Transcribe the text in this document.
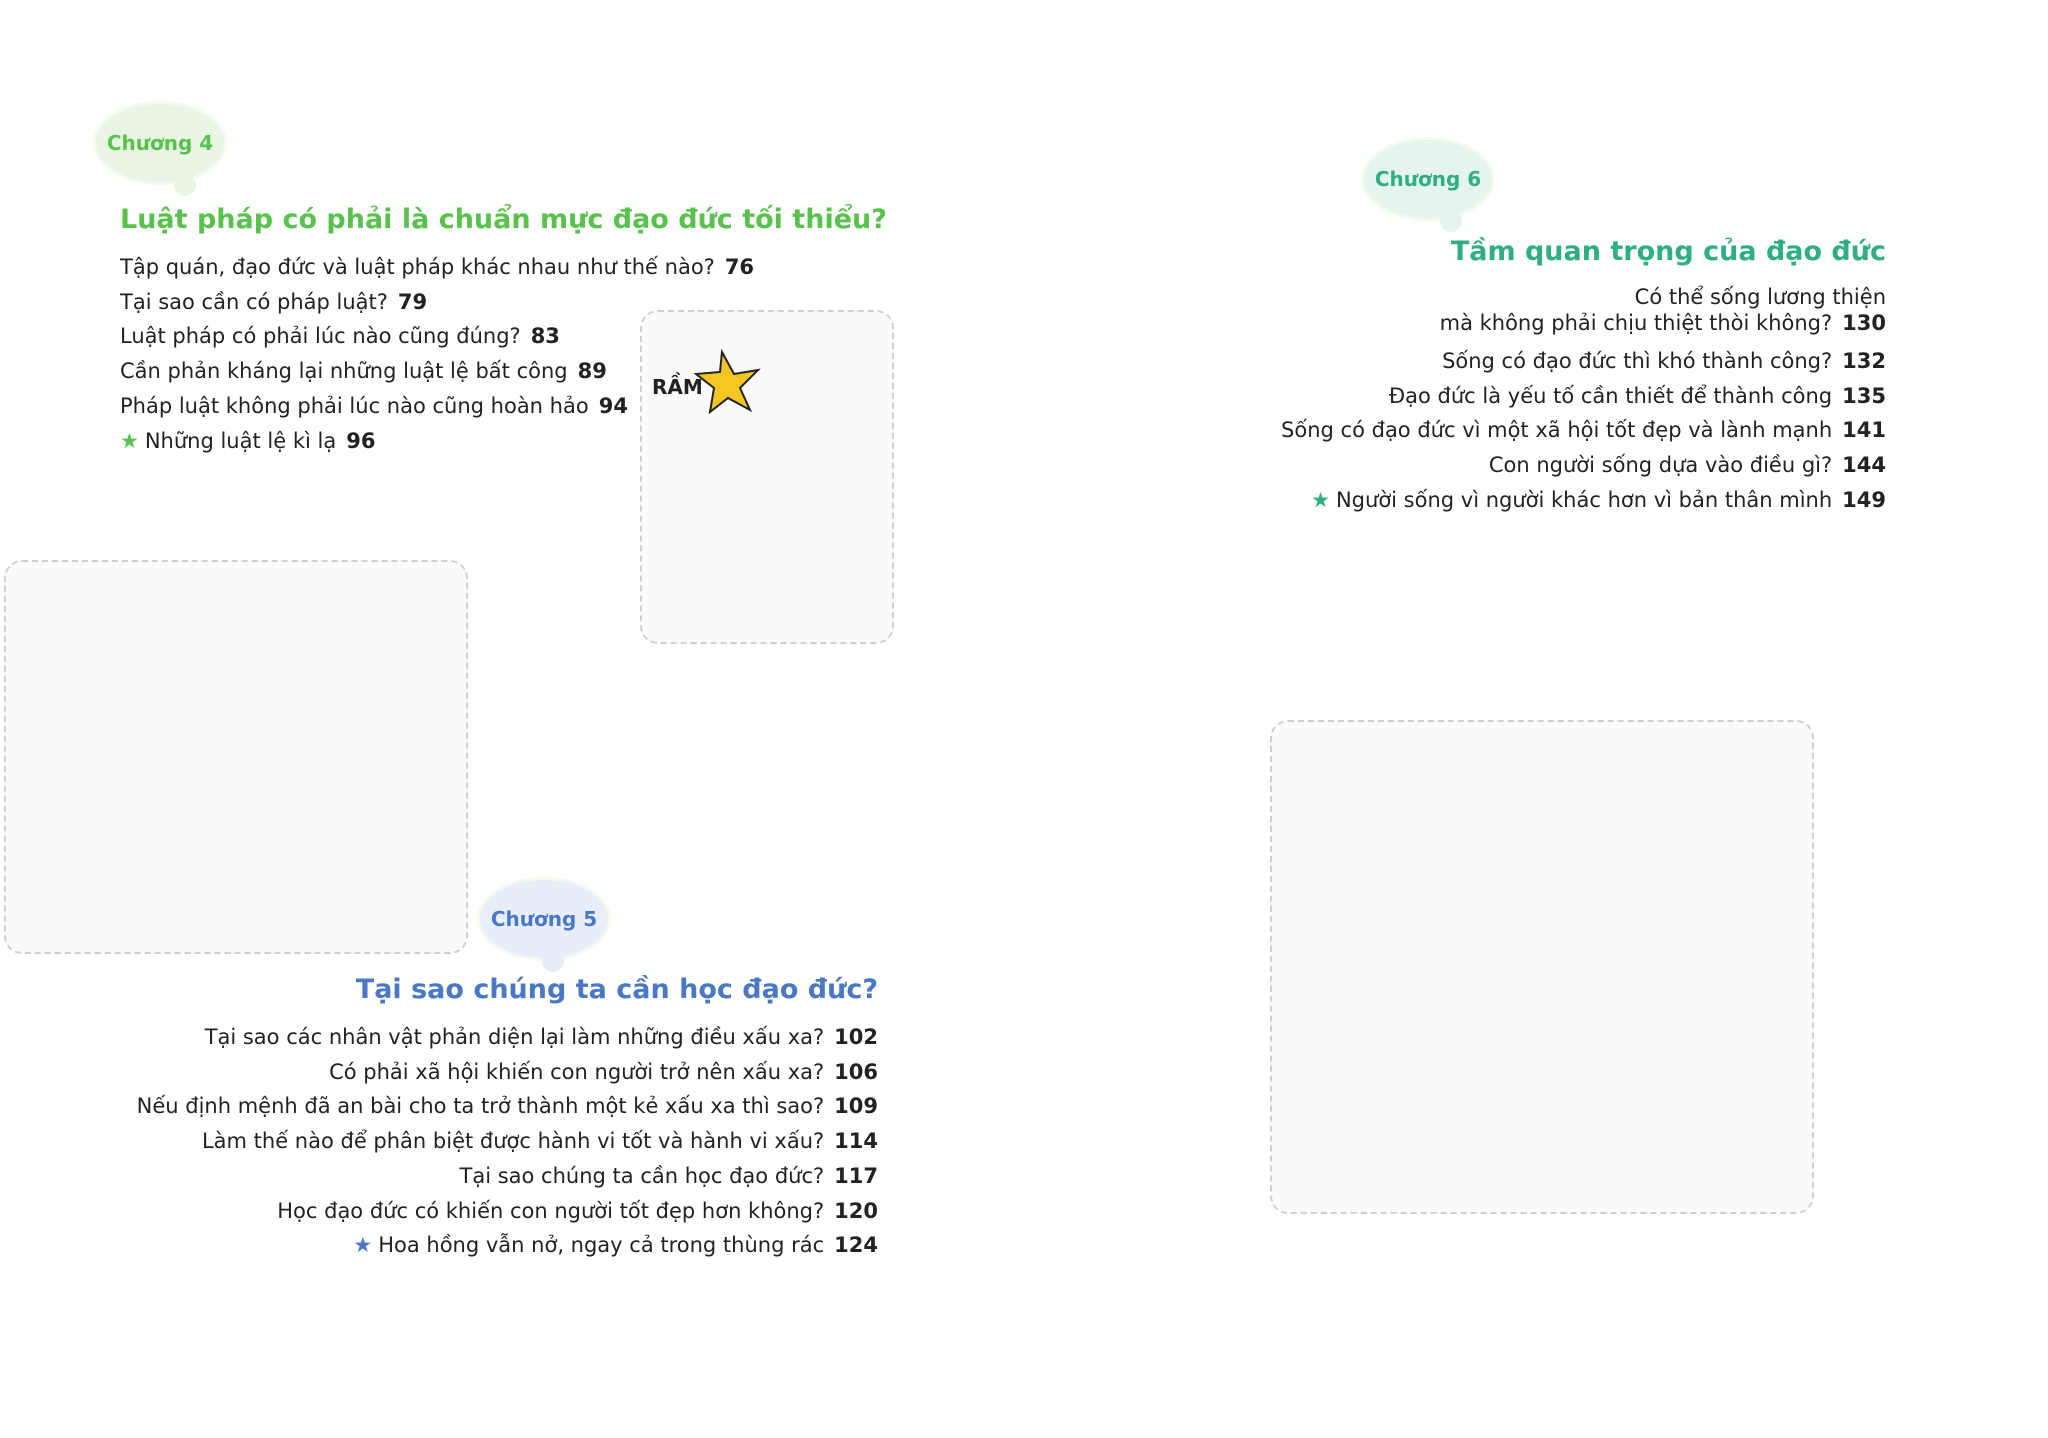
Chương 4
Luật pháp có phải là chuẩn mực đạo đức tối thiểu?
Tập quán, đạo đức và luật pháp khác nhau như thế nào? 76
Tại sao cần có pháp luật? 79
Luật pháp có phải lúc nào cũng đúng? 83
Cần phản kháng lại những luật lệ bất công 89
Pháp luật không phải lúc nào cũng hoàn hảo 94
★ Những luật lệ kì lạ 96
Chương 6
Tầm quan trọng của đạo đức
Có thể sống lương thiện
mà không phải chịu thiệt thòi không? 130
Sống có đạo đức thì khó thành công? 132
Đạo đức là yếu tố cần thiết để thành công 135
Sống có đạo đức vì một xã hội tốt đẹp và lành mạnh 141
Con người sống dựa vào điều gì? 144
★ Người sống vì người khác hơn vì bản thân mình 149
Chương 5
Tại sao chúng ta cần học đạo đức?
Tại sao các nhân vật phản diện lại làm những điều xấu xa? 102
Có phải xã hội khiến con người trở nên xấu xa? 106
Nếu định mệnh đã an bài cho ta trở thành một kẻ xấu xa thì sao? 109
Làm thế nào để phân biệt được hành vi tốt và hành vi xấu? 114
Tại sao chúng ta cần học đạo đức? 117
Học đạo đức có khiến con người tốt đẹp hơn không? 120
★ Hoa hồng vẫn nở, ngay cả trong thùng rác 124
RẦM
